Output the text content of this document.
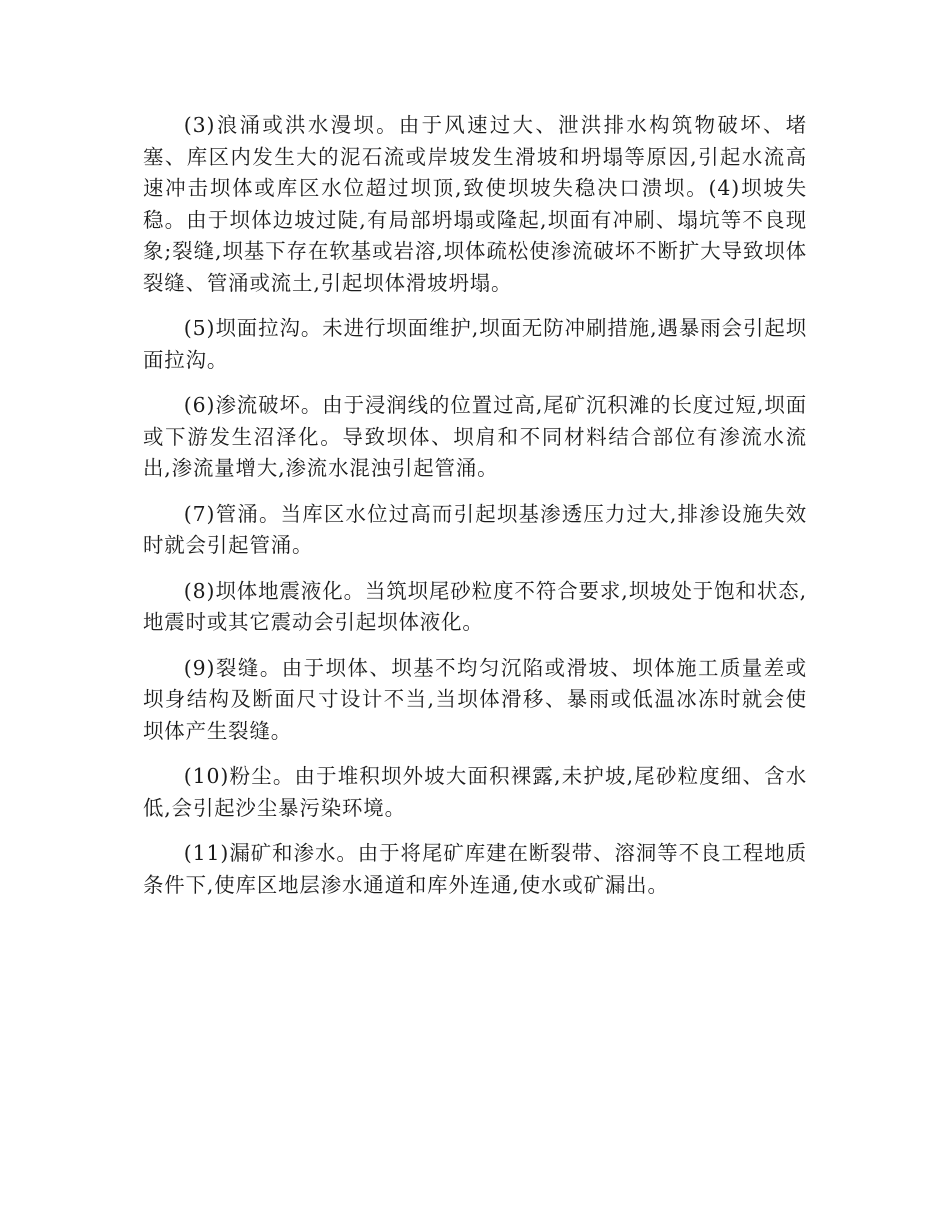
(3)浪涌或洪水漫坝。由于风速过大、泄洪排水构筑物破坏、堵塞、库区内发生大的泥石流或岸坡发生滑坡和坍塌等原因,引起水流高速冲击坝体或库区水位超过坝顶,致使坝坡失稳决口溃坝。(4)坝坡失稳。由于坝体边坡过陡,有局部坍塌或隆起,坝面有冲刷、塌坑等不良现象;裂缝,坝基下存在软基或岩溶,坝体疏松使渗流破坏不断扩大导致坝体裂缝、管涌或流土,引起坝体滑坡坍塌。

(5)坝面拉沟。未进行坝面维护,坝面无防冲刷措施,遇暴雨会引起坝面拉沟。

(6)渗流破坏。由于浸润线的位置过高,尾矿沉积滩的长度过短,坝面或下游发生沼泽化。导致坝体、坝肩和不同材料结合部位有渗流水流出,渗流量增大,渗流水混浊引起管涌。

(7)管涌。当库区水位过高而引起坝基渗透压力过大,排渗设施失效时就会引起管涌。

(8)坝体地震液化。当筑坝尾砂粒度不符合要求,坝坡处于饱和状态,地震时或其它震动会引起坝体液化。

(9)裂缝。由于坝体、坝基不均匀沉陷或滑坡、坝体施工质量差或坝身结构及断面尺寸设计不当,当坝体滑移、暴雨或低温冰冻时就会使坝体产生裂缝。

(10)粉尘。由于堆积坝外坡大面积裸露,未护坡,尾砂粒度细、含水低,会引起沙尘暴污染环境。

(11)漏矿和渗水。由于将尾矿库建在断裂带、溶洞等不良工程地质条件下,使库区地层渗水通道和库外连通,使水或矿漏出。
